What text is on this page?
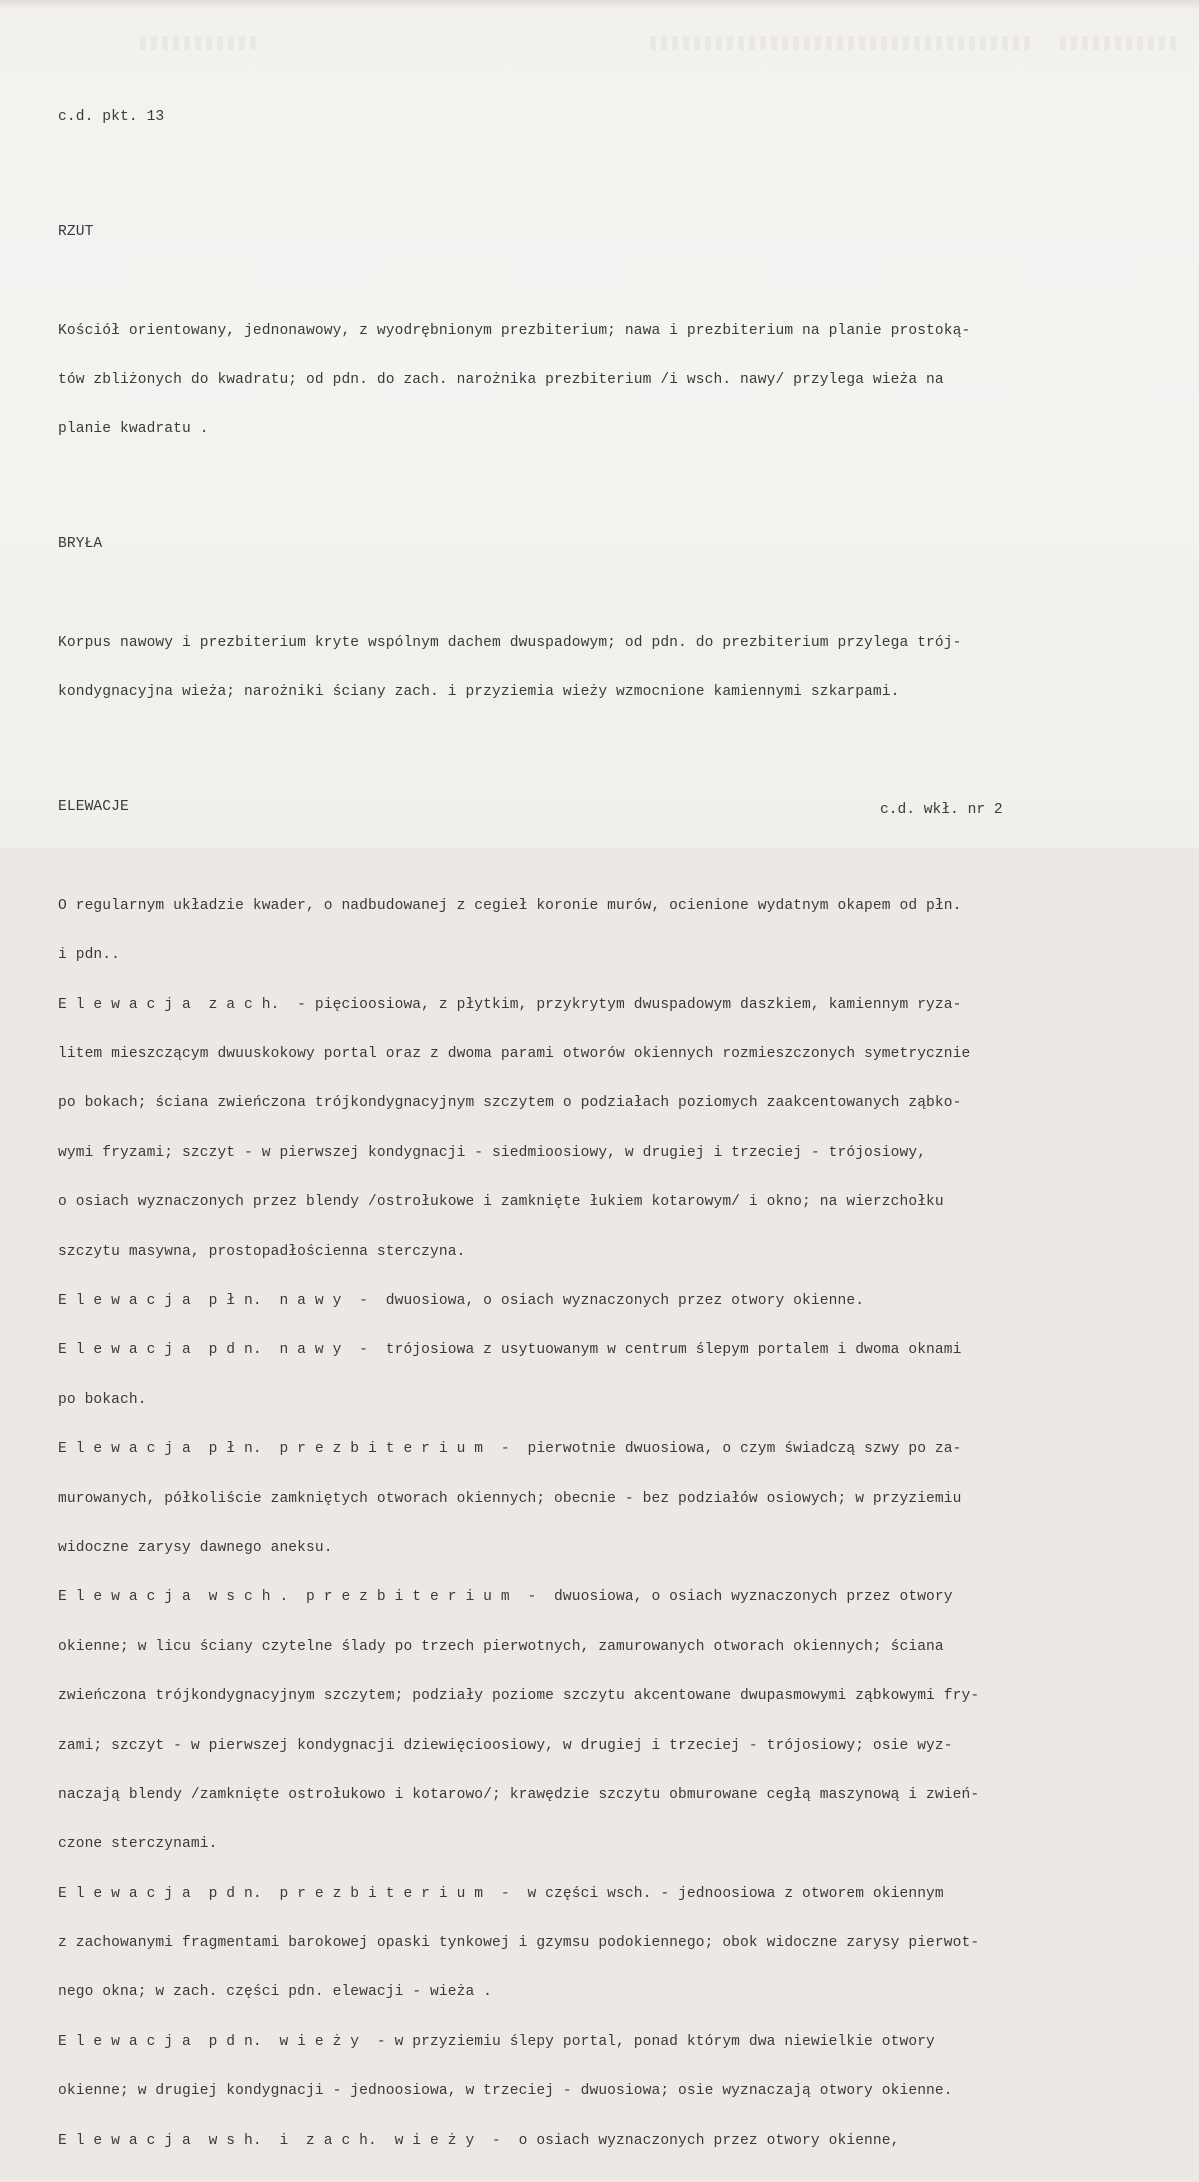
c.d. pkt. 13

RZUT

Kościół orientowany, jednonawowy, z wyodrębnionym prezbiterium; nawa i prezbiterium na planie prostoką-

tów zbliżonych do kwadratu; od pdn. do zach. narożnika prezbiterium /i wsch. nawy/ przylega wieża na

planie kwadratu .

BRYŁA

Korpus nawowy i prezbiterium kryte wspólnym dachem dwuspadowym; od pdn. do prezbiterium przylega trój-

kondygnacyjna wieża; narożniki ściany zach. i przyziemia wieży wzmocnione kamiennymi szkarpami.

ELEWACJE

O regularnym układzie kwader, o nadbudowanej z cegieł koronie murów, ocienione wydatnym okapem od płn.

i pdn..

E l e w a c j a  z a c h.  - pięcioosiowa, z płytkim, przykrytym dwuspadowym daszkiem, kamiennym ryza-

litem mieszczącym dwuuskokowy portal oraz z dwoma parami otworów okiennych rozmieszczonych symetrycznie

po bokach; ściana zwieńczona trójkondygnacyjnym szczytem o podziałach poziomych zaakcentowanych ząbko-

wymi fryzami; szczyt - w pierwszej kondygnacji - siedmioosiowy, w drugiej i trzeciej - trójosiowy,

o osiach wyznaczonych przez blendy /ostrołukowe i zamknięte łukiem kotarowym/ i okno; na wierzchołku

szczytu masywna, prostopadłościenna sterczyna.

E l e w a c j a  p ł n.  n a w y  -  dwuosiowa, o osiach wyznaczonych przez otwory okienne.

E l e w a c j a  p d n.  n a w y  -  trójosiowa z usytuowanym w centrum ślepym portalem i dwoma oknami

po bokach.

E l e w a c j a  p ł n.  p r e z b i t e r i u m  -  pierwotnie dwuosiowa, o czym świadczą szwy po za-

murowanych, półkoliście zamkniętych otworach okiennych; obecnie - bez podziałów osiowych; w przyziemiu

widoczne zarysy dawnego aneksu.

E l e w a c j a  w s c h .  p r e z b i t e r i u m  -  dwuosiowa, o osiach wyznaczonych przez otwory

okienne; w licu ściany czytelne ślady po trzech pierwotnych, zamurowanych otworach okiennych; ściana

zwieńczona trójkondygnacyjnym szczytem; podziały poziome szczytu akcentowane dwupasmowymi ząbkowymi fry-

zami; szczyt - w pierwszej kondygnacji dziewięcioosiowy, w drugiej i trzeciej - trójosiowy; osie wyz-

naczają blendy /zamknięte ostrołukowo i kotarowo/; krawędzie szczytu obmurowane cegłą maszynową i zwień-

czone sterczynami.

E l e w a c j a  p d n.  p r e z b i t e r i u m  -  w części wsch. - jednoosiowa z otworem okiennym

z zachowanymi fragmentami barokowej opaski tynkowej i gzymsu podokiennego; obok widoczne zarysy pierwot-

nego okna; w zach. części pdn. elewacji - wieża .

E l e w a c j a  p d n.  w i e ż y  - w przyziemiu ślepy portal, ponad którym dwa niewielkie otwory

okienne; w drugiej kondygnacji - jednoosiowa, w trzeciej - dwuosiowa; osie wyznaczają otwory okienne.

E l e w a c j a  w s h.  i  z a c h.  w i e ż y  -  o osiach wyznaczonych przez otwory okienne,

c.d. wkł. nr 2
